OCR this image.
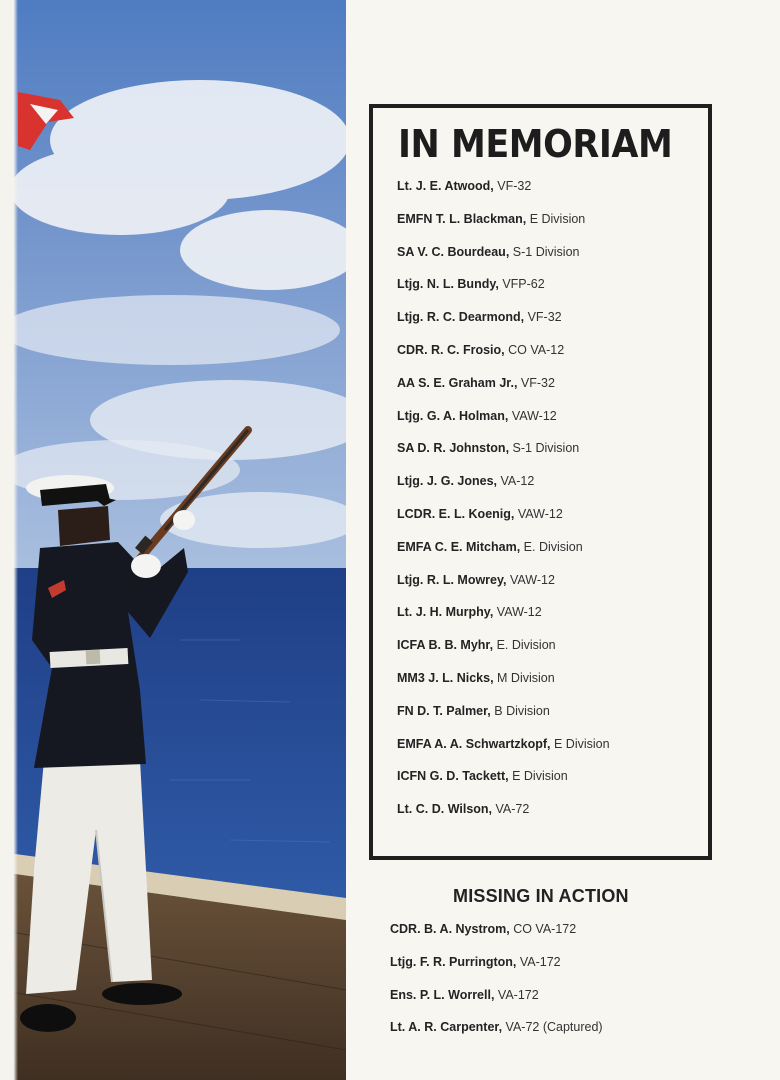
IN MEMORIAM
Lt. J. E. Atwood, VF-32
EMFN T. L. Blackman, E Division
SA V. C. Bourdeau, S-1 Division
Ltjg. N. L. Bundy, VFP-62
Ltjg. R. C. Dearmond, VF-32
CDR. R. C. Frosio, CO VA-12
AA S. E. Graham Jr., VF-32
Ltjg. G. A. Holman, VAW-12
SA D. R. Johnston, S-1 Division
Ltjg. J. G. Jones, VA-12
LCDR. E. L. Koenig, VAW-12
EMFA C. E. Mitcham, E. Division
Ltjg. R. L. Mowrey, VAW-12
Lt. J. H. Murphy, VAW-12
ICFA B. B. Myhr, E. Division
MM3 J. L. Nicks, M Division
FN D. T. Palmer, B Division
EMFA A. A. Schwartzkopf, E Division
ICFN G. D. Tackett, E Division
Lt. C. D. Wilson, VA-72
MISSING IN ACTION
CDR. B. A. Nystrom, CO VA-172
Ltjg. F. R. Purrington, VA-172
Ens. P. L. Worrell, VA-172
Lt. A. R. Carpenter, VA-72 (Captured)
